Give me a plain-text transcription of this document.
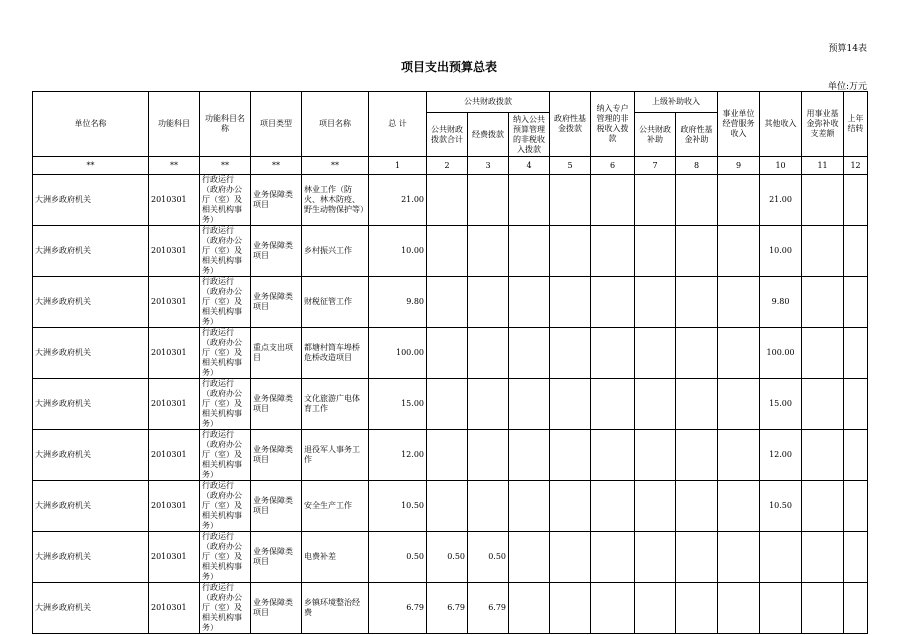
预算14表
项目支出预算总表
单位:万元
单位名称	功能科目	功能科目名称	项目类型	项目名称	总 计	公共财政拨款			政府性基金拨款	纳入专户管理的非税收入拨款	上级补助收入		事业单位经营服务收入	其他收入	用事业基金弥补收支差额	上年结转
						公共财政拨款合计	经费拨款	纳入公共预算管理的非税收入拨款			公共财政补助	政府性基金补助				
**	**	**	**	**	1	2	3	4	5	6	7	8	9	10	11	12
大洲乡政府机关	2010301	行政运行（政府办公厅（室）及相关机构事务）	业务保障类项目	林业工作（防火、林木防疫、野生动物保护等）	21.00									21.00		
大洲乡政府机关	2010301	行政运行（政府办公厅（室）及相关机构事务）	业务保障类项目	乡村振兴工作	10.00									10.00		
大洲乡政府机关	2010301	行政运行（政府办公厅（室）及相关机构事务）	业务保障类项目	财税征管工作	9.80									9.80		
大洲乡政府机关	2010301	行政运行（政府办公厅（室）及相关机构事务）	重点支出项目	都塘村筒车埠桥危桥改造项目	100.00									100.00		
大洲乡政府机关	2010301	行政运行（政府办公厅（室）及相关机构事务）	业务保障类项目	文化旅游广电体育工作	15.00									15.00		
大洲乡政府机关	2010301	行政运行（政府办公厅（室）及相关机构事务）	业务保障类项目	退役军人事务工作	12.00									12.00		
大洲乡政府机关	2010301	行政运行（政府办公厅（室）及相关机构事务）	业务保障类项目	安全生产工作	10.50									10.50		
大洲乡政府机关	2010301	行政运行（政府办公厅（室）及相关机构事务）	业务保障类项目	电费补差	0.50	0.50	0.50									
大洲乡政府机关	2010301	行政运行（政府办公厅（室）及相关机构事务）	业务保障类项目	乡镇环境整治经费	6.79	6.79	6.79									
